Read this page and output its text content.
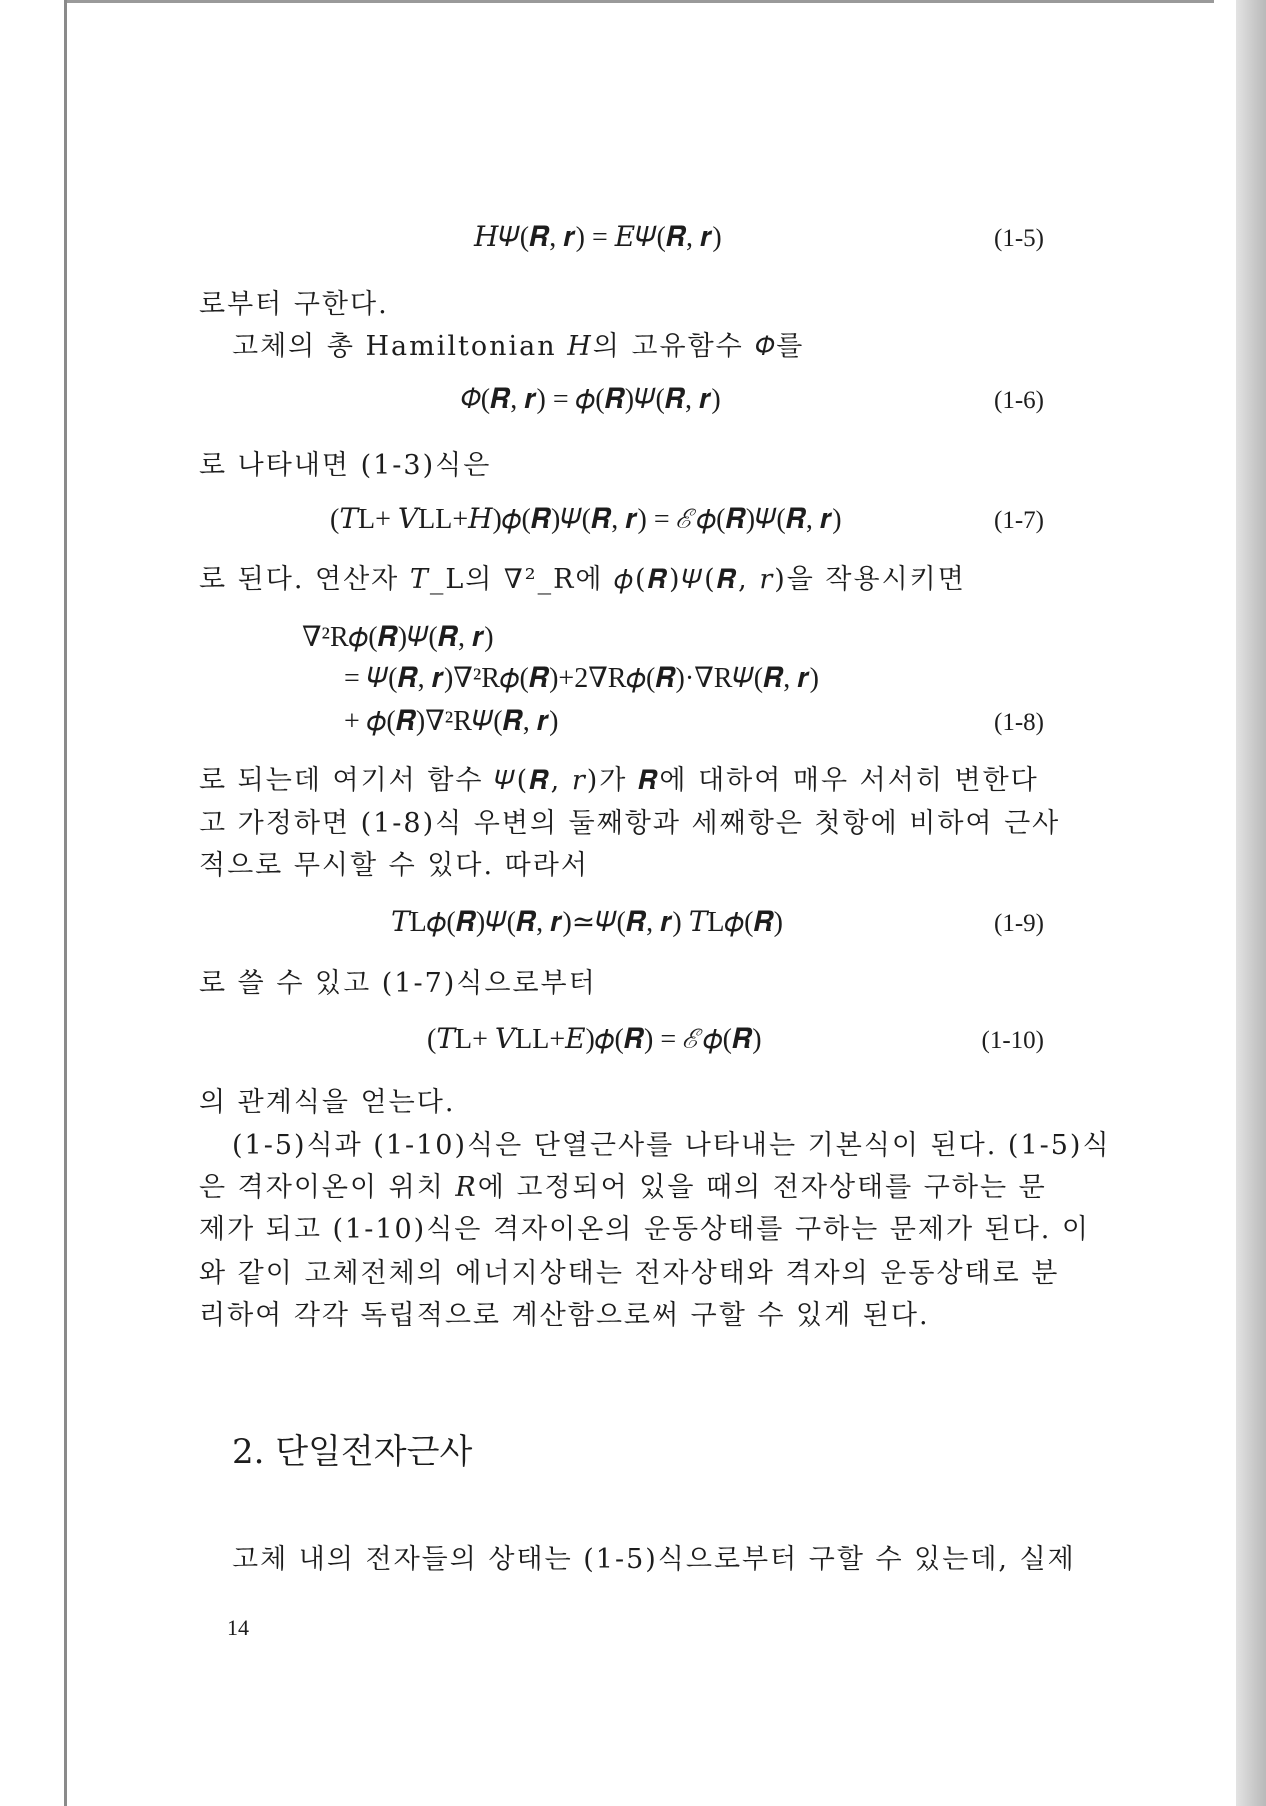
𝐻𝛹(𝑹, 𝒓) = 𝐸𝛹(𝑹, 𝒓)	(1-5)
로부터 구한다.
고체의 총 Hamiltonian 𝐻의 고유함수 𝛷를
𝛷(𝑹, 𝒓) = 𝜙(𝑹)𝛹(𝑹, 𝒓)	(1-6)
로 나타내면 (1-3)식은
(𝑇L+ 𝑉LL+𝐻)𝜙(𝑹)𝛹(𝑹, 𝒓) = ℰ𝜙(𝑹)𝛹(𝑹, 𝒓)	(1-7)
로 된다. 연산자 𝑇_L의 ∇²_R에 𝜙(𝑹)𝛹(𝑹, 𝑟)을 작용시키면
∇²R𝜙(𝑹)𝛹(𝑹, 𝒓)
= 𝛹(𝑹, 𝒓)∇²R𝜙(𝑹)+2∇R𝜙(𝑹)·∇R𝛹(𝑹, 𝒓)
+ 𝜙(𝑹)∇²R𝛹(𝑹, 𝒓)	(1-8)
로 되는데 여기서 함수 𝛹(𝑹, 𝑟)가 𝑹에 대하여 매우 서서히 변한다
고 가정하면 (1-8)식 우변의 둘째항과 세째항은 첫항에 비하여 근사
적으로 무시할 수 있다. 따라서
𝑇L𝜙(𝑹)𝛹(𝑹, 𝒓)≃𝛹(𝑹, 𝒓) 𝑇L𝜙(𝑹)	(1-9)
로 쓸 수 있고 (1-7)식으로부터
(𝑇L+ 𝑉LL+𝐸)𝜙(𝑹) = ℰ𝜙(𝑹)	(1-10)
의 관계식을 얻는다.
(1-5)식과 (1-10)식은 단열근사를 나타내는 기본식이 된다. (1-5)식
은 격자이온이 위치 𝑅에 고정되어 있을 때의 전자상태를 구하는 문
제가 되고 (1-10)식은 격자이온의 운동상태를 구하는 문제가 된다. 이
와 같이 고체전체의 에너지상태는 전자상태와 격자의 운동상태로 분
리하여 각각 독립적으로 계산함으로써 구할 수 있게 된다.
2. 단일전자근사
고체 내의 전자들의 상태는 (1-5)식으로부터 구할 수 있는데, 실제
14
